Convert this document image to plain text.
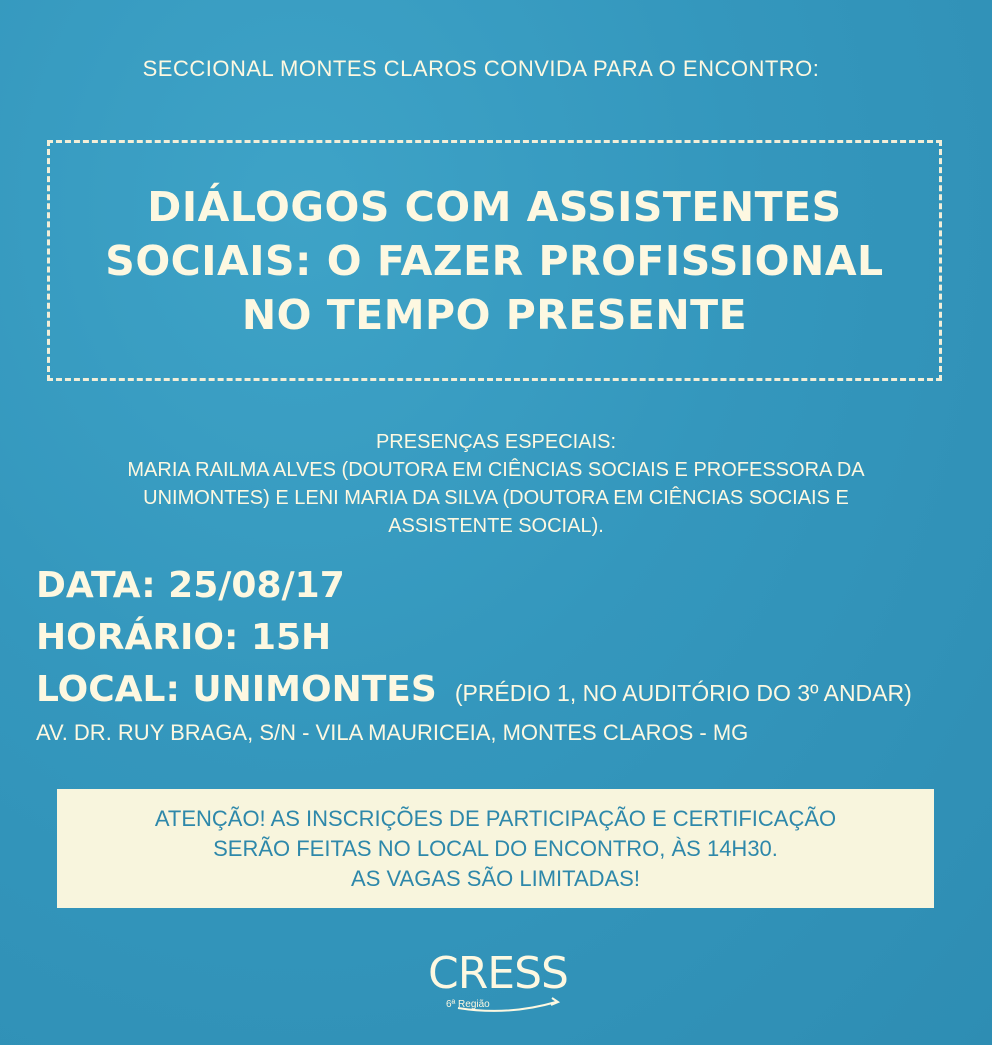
SECCIONAL MONTES CLAROS CONVIDA PARA O ENCONTRO:
DIÁLOGOS COM ASSISTENTES
SOCIAIS: O FAZER PROFISSIONAL
NO TEMPO PRESENTE
PRESENÇAS ESPECIAIS:
MARIA RAILMA ALVES (DOUTORA EM CIÊNCIAS SOCIAIS E PROFESSORA DA
UNIMONTES) E LENI MARIA DA SILVA (DOUTORA EM CIÊNCIAS SOCIAIS E
ASSISTENTE SOCIAL).
DATA: 25/08/17
HORÁRIO: 15H
LOCAL: UNIMONTES (PRÉDIO 1, NO AUDITÓRIO DO 3º ANDAR)
AV. DR. RUY BRAGA, S/N - VILA MAURICEIA, MONTES CLAROS - MG
ATENÇÃO! AS INSCRIÇÕES DE PARTICIPAÇÃO E CERTIFICAÇÃO
SERÃO FEITAS NO LOCAL DO ENCONTRO, ÀS 14H30.
AS VAGAS SÃO LIMITADAS!
CRESS
6ª Região
